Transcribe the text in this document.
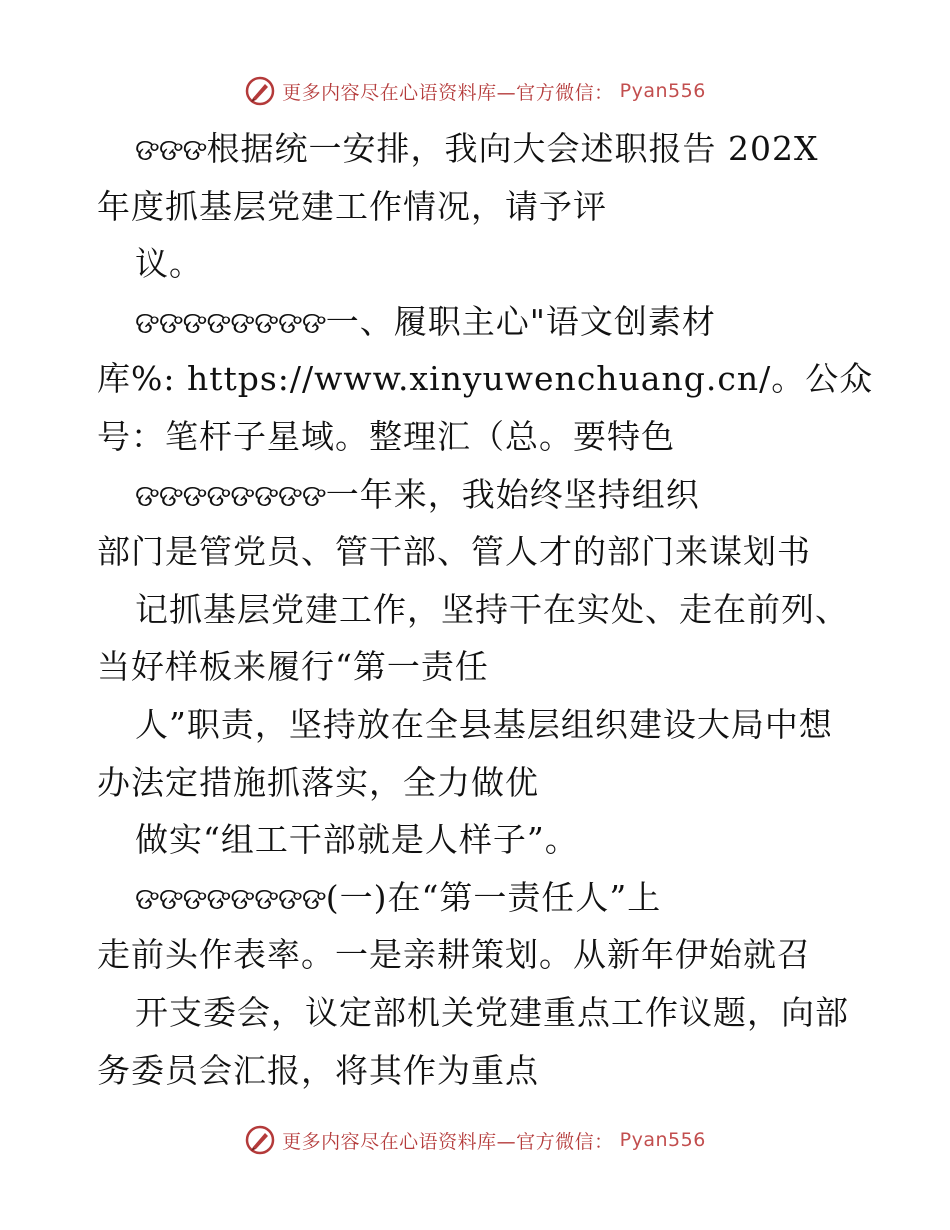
更多内容尽在心语资料库—官方微信： Pyan556
ଙଙଙ根据统一安排，我向大会述职报告 202X
年度抓基层党建工作情况，请予评
议。
ଙଙଙଙଙଙଙଙ一、履职主心"语文创素材
库%: https://www.xinyuwenchuang.cn/。公众
号：笔杆子星域。整理汇（总。要特色
ଙଙଙଙଙଙଙଙ一年来，我始终坚持组织
部门是管党员、管干部、管人才的部门来谋划书
记抓基层党建工作，坚持干在实处、走在前列、
当好样板来履行“第一责任
人”职责，坚持放在全县基层组织建设大局中想
办法定措施抓落实，全力做优
做实“组工干部就是人样子”。
ଙଙଙଙଙଙଙଙ(一)在“第一责任人”上
走前头作表率。一是亲耕策划。从新年伊始就召
开支委会，议定部机关党建重点工作议题，向部
务委员会汇报，将其作为重点
更多内容尽在心语资料库—官方微信： Pyan556
